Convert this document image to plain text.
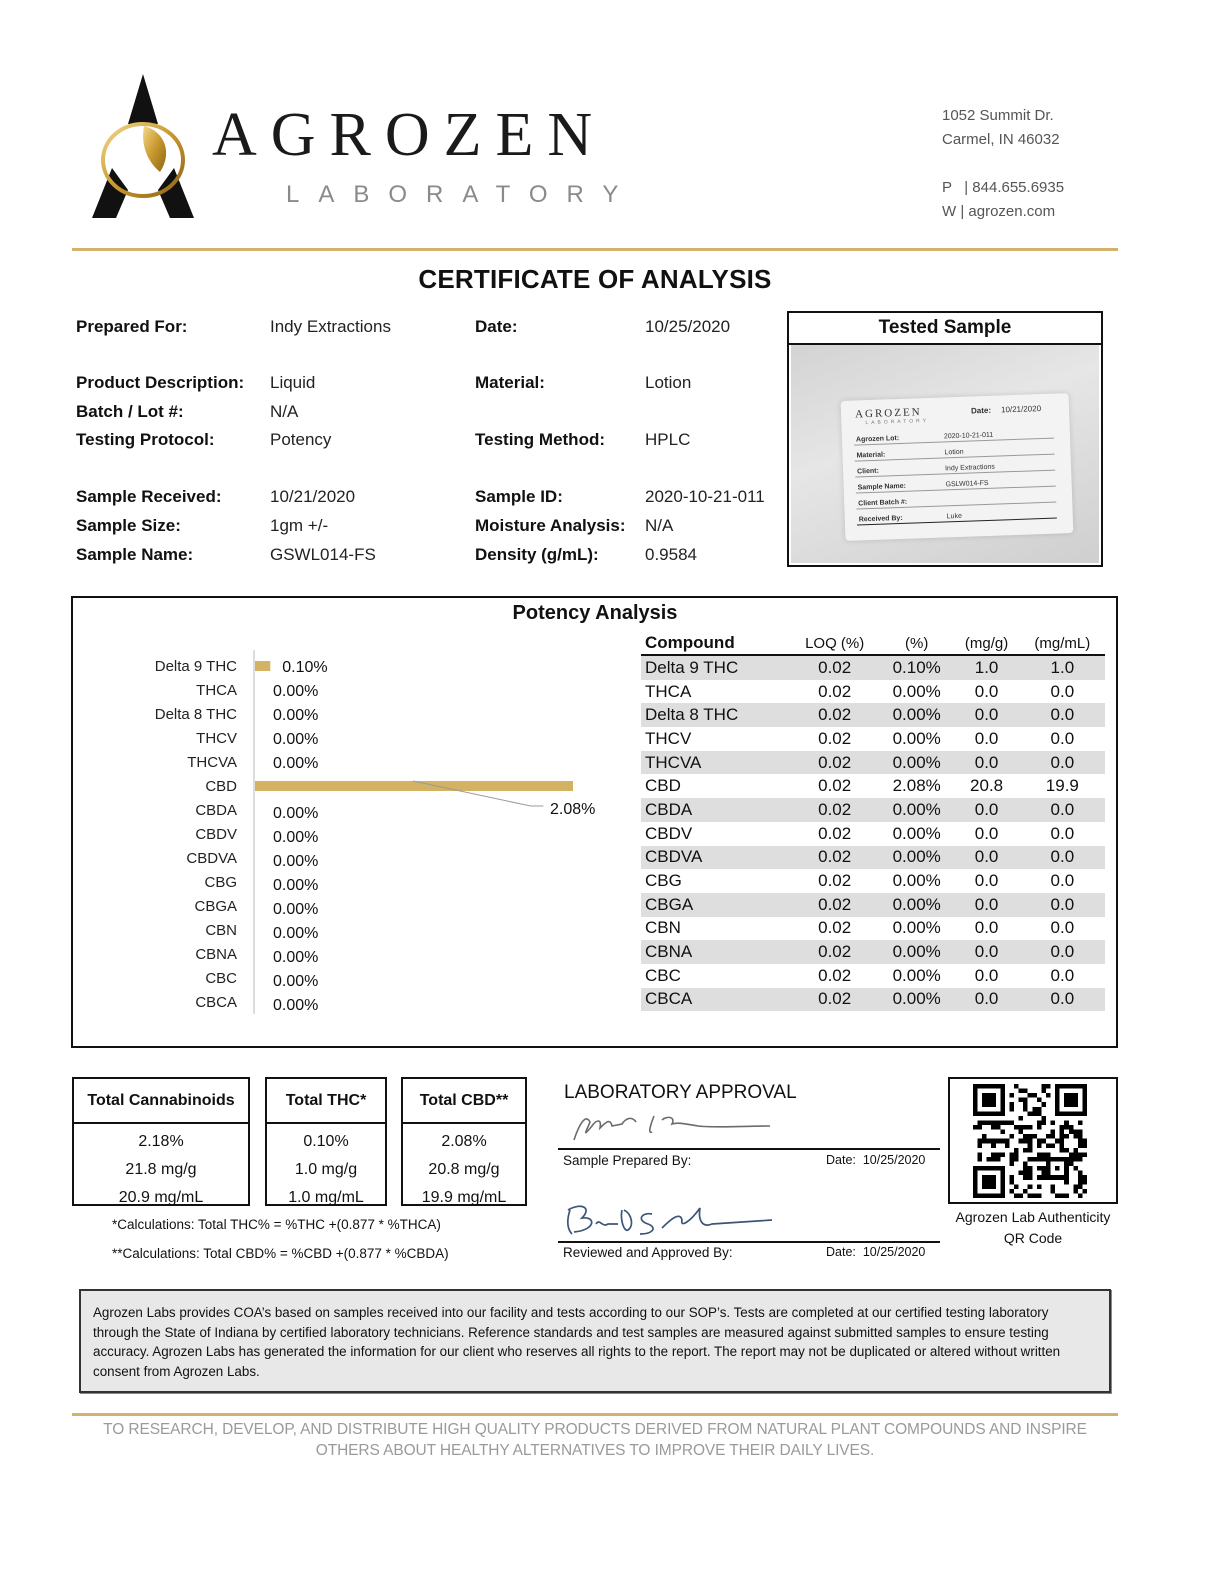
AGROZEN
LABORATORY
1052 Summit Dr.
Carmel, IN 46032
P   | 844.655.6935
W | agrozen.com
CERTIFICATE OF ANALYSIS
Prepared For:	Indy Extractions	Date:	10/25/2020
Product Description: Liquid	Material:	Lotion
Batch / Lot #:	N/A
Testing Protocol:	Potency	Testing Method: HPLC
Sample Received:	10/21/2020	Sample ID:	2020-10-21-011
Sample Size:	1gm +/-	Moisture Analysis: N/A
Sample Name:	GSWL014-FS	Density (g/mL):	0.9584
Tested Sample
AGROZEN
LABORATORY
Date: 10/21/2020
Agrozen Lot:	2020-10-21-011
Material:	Lotion
Client:	Indy Extractions
Sample Name:	GSLW014-FS
Client Batch #:
Received By:	Luke
Potency Analysis
Delta 9 THC	0.10%
THCA 0.00%
Delta 8 THC 0.00%
THCV 0.00%
THCVA 0.00%
CBD
2.08%
CBDA 0.00%
CBDV 0.00%
CBDVA 0.00%
CBG 0.00%
CBGA 0.00%
CBN 0.00%
CBNA 0.00%
CBC 0.00%
CBCA 0.00%
Compound	LOQ (%)	(%)	(mg/g)	(mg/mL)
Delta 9 THC	0.02	0.10%	1.0	1.0
THCA	0.02	0.00%	0.0	0.0
Delta 8 THC	0.02	0.00%	0.0	0.0
THCV	0.02	0.00%	0.0	0.0
THCVA	0.02	0.00%	0.0	0.0
CBD	0.02	2.08%	20.8	19.9
CBDA	0.02	0.00%	0.0	0.0
CBDV	0.02	0.00%	0.0	0.0
CBDVA	0.02	0.00%	0.0	0.0
CBG	0.02	0.00%	0.0	0.0
CBGA	0.02	0.00%	0.0	0.0
CBN	0.02	0.00%	0.0	0.0
CBNA	0.02	0.00%	0.0	0.0
CBC	0.02	0.00%	0.0	0.0
CBCA	0.02	0.00%	0.0	0.0
Total Cannabinoids
2.18%
21.8 mg/g
20.9 mg/mL
Total THC*
0.10%
1.0 mg/g
1.0 mg/mL
Total CBD**
2.08%
20.8 mg/g
19.9 mg/mL
*Calculations: Total THC% = %THC +(0.877 * %THCA)
**Calculations: Total CBD% = %CBD +(0.877 * %CBDA)
LABORATORY APPROVAL
Sample Prepared By:	Date:  10/25/2020
Reviewed and Approved By:	Date:  10/25/2020
Agrozen Lab Authenticity
QR Code
Agrozen Labs provides COA’s based on samples received into our facility and tests according to our SOP’s. Tests are completed at our certified testing laboratory through the State of Indiana by certified laboratory technicians. Reference standards and test samples are measured against submitted samples to ensure testing accuracy. Agrozen Labs has generated the information for our client who reserves all rights to the report. The report may not be duplicated or altered without written consent from Agrozen Labs.
TO RESEARCH, DEVELOP, AND DISTRIBUTE HIGH QUALITY PRODUCTS DERIVED FROM NATURAL PLANT COMPOUNDS AND INSPIRE
OTHERS ABOUT HEALTHY ALTERNATIVES TO IMPROVE THEIR DAILY LIVES.
